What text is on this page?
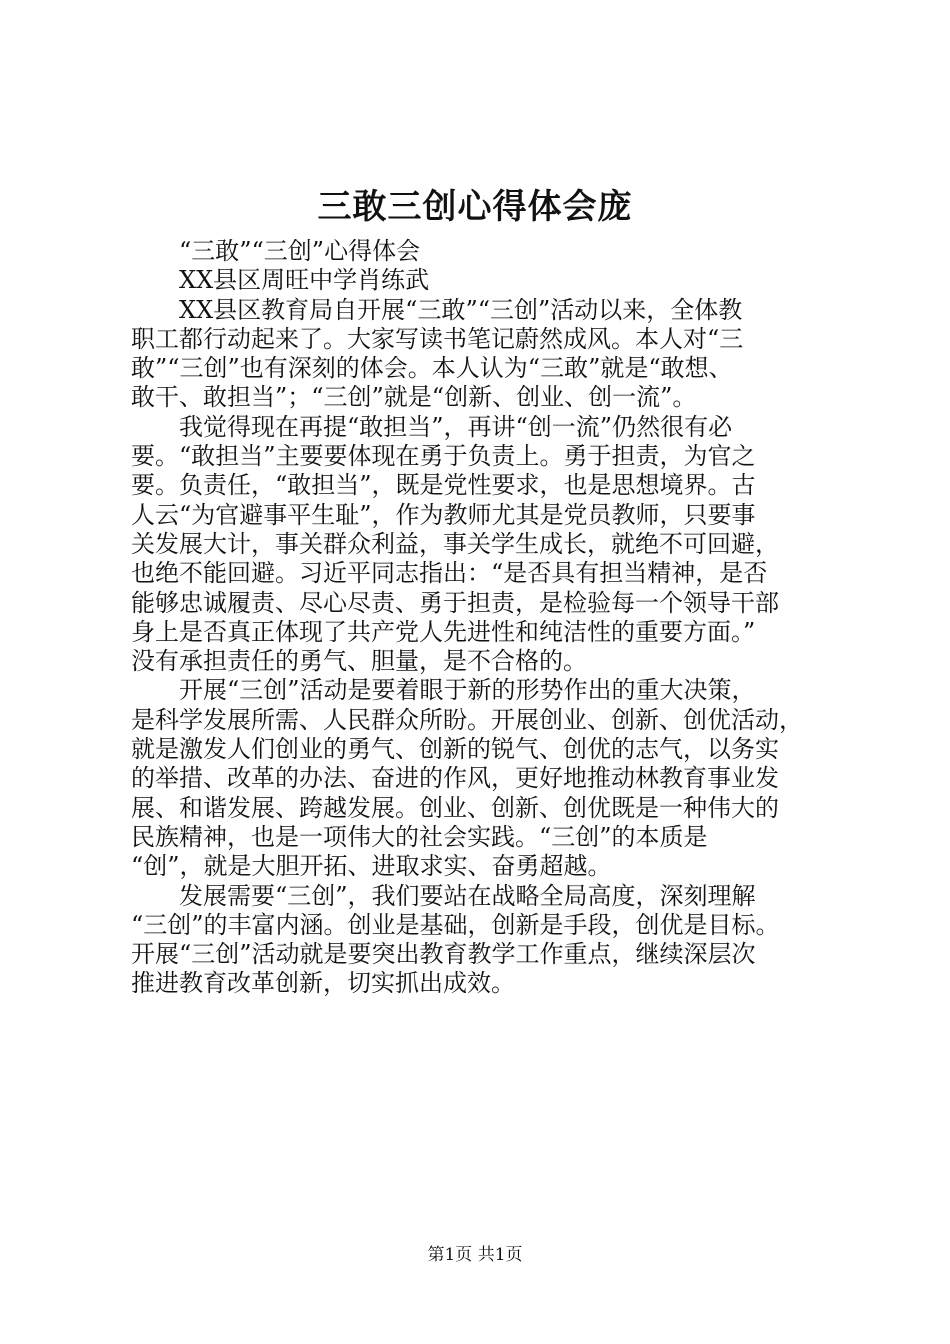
三敢三创心得体会庞
　　“三敢”“三创”心得体会
　　XX县区周旺中学肖练武
　　XX县区教育局自开展“三敢”“三创”活动以来，全体教
职工都行动起来了。大家写读书笔记蔚然成风。本人对“三
敢”“三创”也有深刻的体会。本人认为“三敢”就是“敢想、
敢干、敢担当”；“三创”就是“创新、创业、创一流”。
　　我觉得现在再提“敢担当”，再讲“创一流”仍然很有必
要。“敢担当”主要要体现在勇于负责上。勇于担责，为官之
要。负责任，“敢担当”，既是党性要求，也是思想境界。古
人云“为官避事平生耻”，作为教师尤其是党员教师，只要事
关发展大计，事关群众利益，事关学生成长，就绝不可回避，
也绝不能回避。习近平同志指出：“是否具有担当精神，是否
能够忠诚履责、尽心尽责、勇于担责，是检验每一个领导干部
身上是否真正体现了共产党人先进性和纯洁性的重要方面。”
没有承担责任的勇气、胆量，是不合格的。
　　开展“三创”活动是要着眼于新的形势作出的重大决策，
是科学发展所需、人民群众所盼。开展创业、创新、创优活动，
就是激发人们创业的勇气、创新的锐气、创优的志气，以务实
的举措、改革的办法、奋进的作风，更好地推动林教育事业发
展、和谐发展、跨越发展。创业、创新、创优既是一种伟大的
民族精神，也是一项伟大的社会实践。“三创”的本质是
“创”，就是大胆开拓、进取求实、奋勇超越。
　　发展需要“三创”，我们要站在战略全局高度，深刻理解
“三创”的丰富内涵。创业是基础，创新是手段，创优是目标。
开展“三创”活动就是要突出教育教学工作重点，继续深层次
推进教育改革创新，切实抓出成效。
第1页 共1页
